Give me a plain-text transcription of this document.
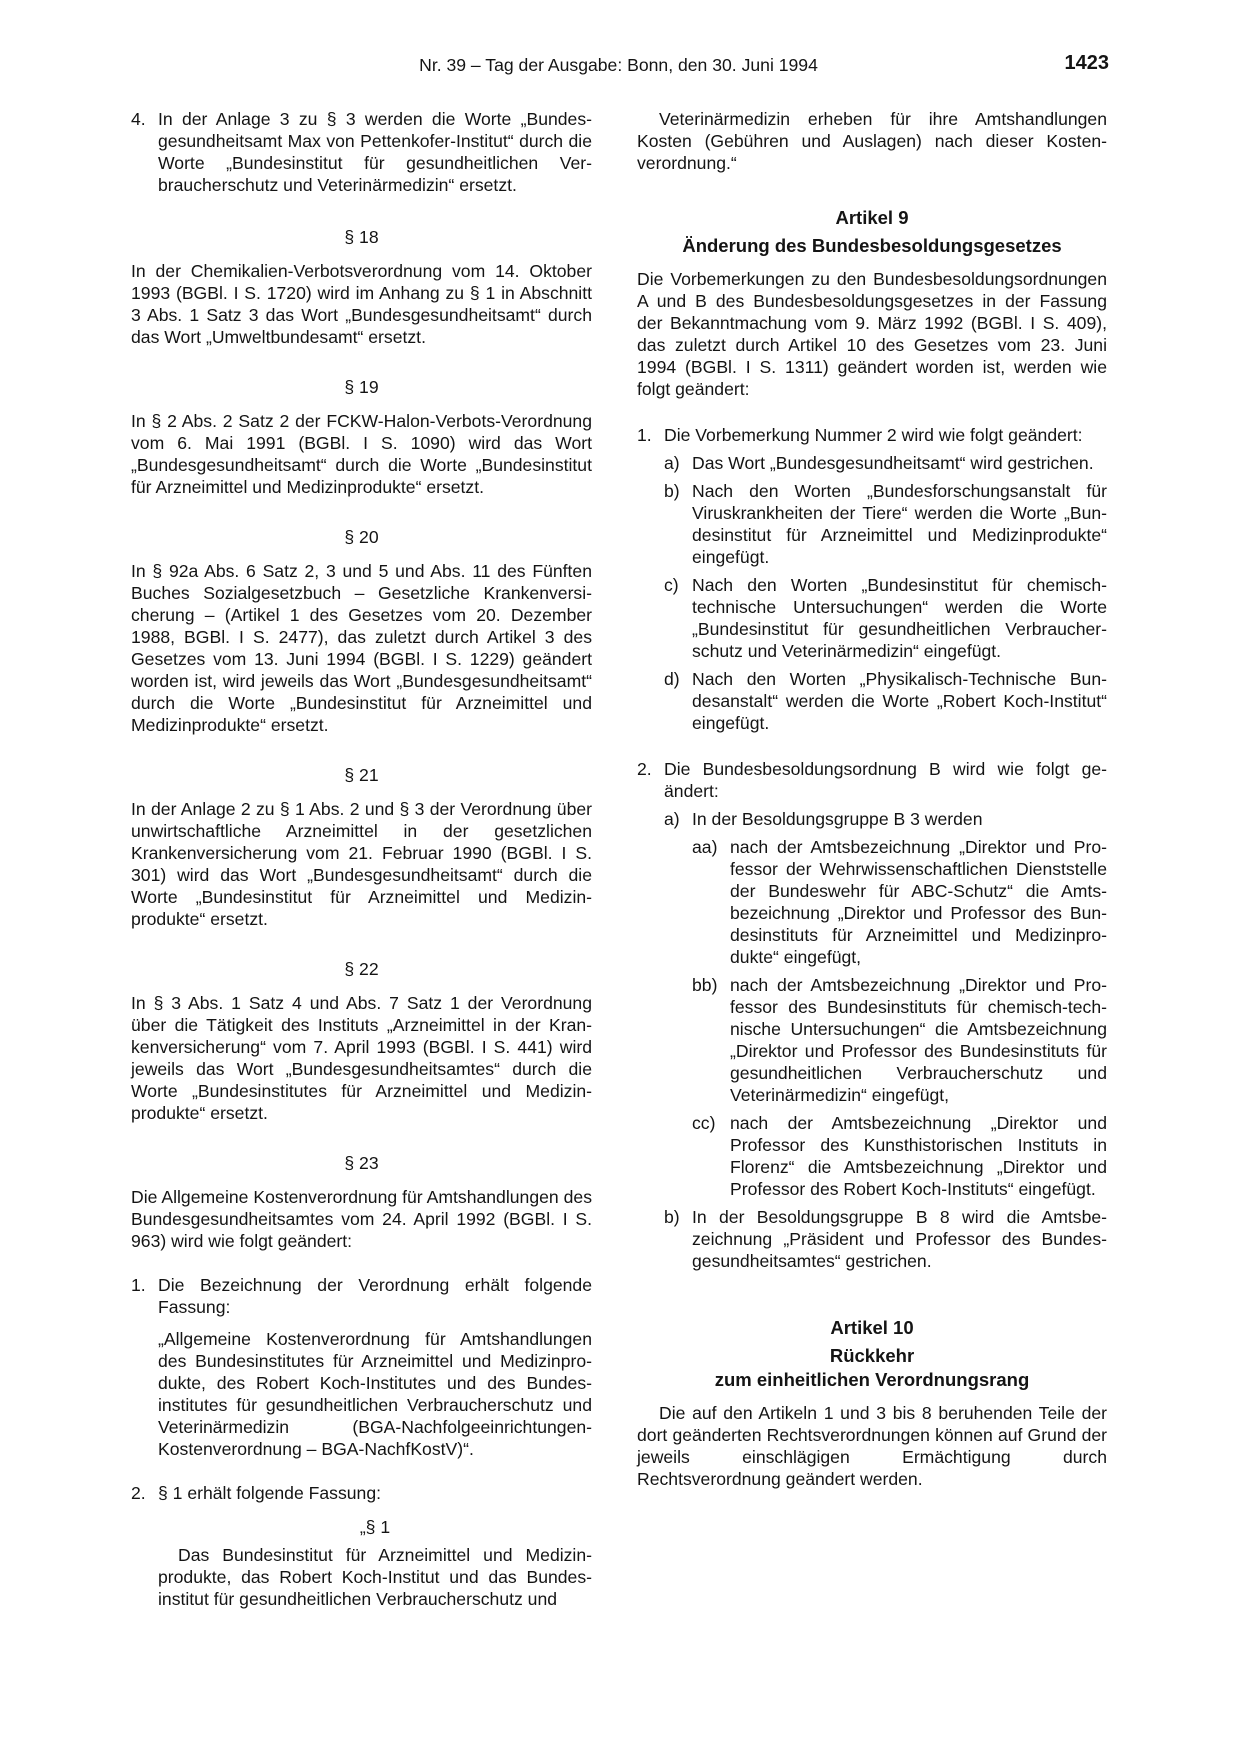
Nr. 39 – Tag der Ausgabe: Bonn, den 30. Juni 1994	1423
4. In der Anlage 3 zu § 3 werden die Worte „Bundesgesundheitsamt Max von Pettenkofer-Institut“ durch die Worte „Bundesinstitut für gesundheitlichen Verbraucherschutz und Veterinärmedizin“ ersetzt.

§ 18

In der Chemikalien-Verbotsverordnung vom 14. Oktober 1993 (BGBl. I S. 1720) wird im Anhang zu § 1 in Abschnitt 3 Abs. 1 Satz 3 das Wort „Bundesgesundheitsamt“ durch das Wort „Umweltbundesamt“ ersetzt.

§ 19

In § 2 Abs. 2 Satz 2 der FCKW-Halon-Verbots-Verordnung vom 6. Mai 1991 (BGBl. I S. 1090) wird das Wort „Bundesgesundheitsamt“ durch die Worte „Bundesinstitut für Arzneimittel und Medizinprodukte“ ersetzt.

§ 20

In § 92a Abs. 6 Satz 2, 3 und 5 und Abs. 11 des Fünften Buches Sozialgesetzbuch – Gesetzliche Krankenversicherung – (Artikel 1 des Gesetzes vom 20. Dezember 1988, BGBl. I S. 2477), das zuletzt durch Artikel 3 des Gesetzes vom 13. Juni 1994 (BGBl. I S. 1229) geändert worden ist, wird jeweils das Wort „Bundesgesundheitsamt“ durch die Worte „Bundesinstitut für Arzneimittel und Medizinprodukte“ ersetzt.

§ 21

In der Anlage 2 zu § 1 Abs. 2 und § 3 der Verordnung über unwirtschaftliche Arzneimittel in der gesetzlichen Krankenversicherung vom 21. Februar 1990 (BGBl. I S. 301) wird das Wort „Bundesgesundheitsamt“ durch die Worte „Bundesinstitut für Arzneimittel und Medizinprodukte“ ersetzt.

§ 22

In § 3 Abs. 1 Satz 4 und Abs. 7 Satz 1 der Verordnung über die Tätigkeit des Instituts „Arzneimittel in der Krankenversicherung“ vom 7. April 1993 (BGBl. I S. 441) wird jeweils das Wort „Bundesgesundheitsamtes“ durch die Worte „Bundesinstitutes für Arzneimittel und Medizinprodukte“ ersetzt.

§ 23

Die Allgemeine Kostenverordnung für Amtshandlungen des Bundesgesundheitsamtes vom 24. April 1992 (BGBl. I S. 963) wird wie folgt geändert:

1. Die Bezeichnung der Verordnung erhält folgende Fassung:

„Allgemeine Kostenverordnung für Amtshandlungen des Bundesinstitutes für Arzneimittel und Medizinprodukte, des Robert Koch-Institutes und des Bundesinstitutes für gesundheitlichen Verbraucherschutz und Veterinärmedizin (BGA-Nachfolgeeinrichtungen-Kostenverordnung – BGA-NachfKostV)“.

2. § 1 erhält folgende Fassung:

„§ 1

Das Bundesinstitut für Arzneimittel und Medizinprodukte, das Robert Koch-Institut und das Bundesinstitut für gesundheitlichen Verbraucherschutz und

Veterinärmedizin erheben für ihre Amtshandlungen Kosten (Gebühren und Auslagen) nach dieser Kostenverordnung.“

Artikel 9
Änderung des Bundesbesoldungsgesetzes

Die Vorbemerkungen zu den Bundesbesoldungsordnungen A und B des Bundesbesoldungsgesetzes in der Fassung der Bekanntmachung vom 9. März 1992 (BGBl. I S. 409), das zuletzt durch Artikel 10 des Gesetzes vom 23. Juni 1994 (BGBl. I S. 1311) geändert worden ist, werden wie folgt geändert:

1. Die Vorbemerkung Nummer 2 wird wie folgt geändert:

a) Das Wort „Bundesgesundheitsamt“ wird gestrichen.

b) Nach den Worten „Bundesforschungsanstalt für Viruskrankheiten der Tiere“ werden die Worte „Bundesinstitut für Arzneimittel und Medizinprodukte“ eingefügt.

c) Nach den Worten „Bundesinstitut für chemischtechnische Untersuchungen“ werden die Worte „Bundesinstitut für gesundheitlichen Verbraucherschutz und Veterinärmedizin“ eingefügt.

d) Nach den Worten „Physikalisch-Technische Bundesanstalt“ werden die Worte „Robert Koch-Institut“ eingefügt.

2. Die Bundesbesoldungsordnung B wird wie folgt geändert:

a) In der Besoldungsgruppe B 3 werden

aa) nach der Amtsbezeichnung „Direktor und Professor der Wehrwissenschaftlichen Dienststelle der Bundeswehr für ABC-Schutz“ die Amtsbezeichnung „Direktor und Professor des Bundesinstituts für Arzneimittel und Medizinprodukte“ eingefügt,

bb) nach der Amtsbezeichnung „Direktor und Professor des Bundesinstituts für chemisch-technische Untersuchungen“ die Amtsbezeichnung „Direktor und Professor des Bundesinstituts für gesundheitlichen Verbraucherschutz und Veterinärmedizin“ eingefügt,

cc) nach der Amtsbezeichnung „Direktor und Professor des Kunsthistorischen Instituts in Florenz“ die Amtsbezeichnung „Direktor und Professor des Robert Koch-Instituts“ eingefügt.

b) In der Besoldungsgruppe B 8 wird die Amtsbezeichnung „Präsident und Professor des Bundesgesundheitsamtes“ gestrichen.

Artikel 10
Rückkehr
zum einheitlichen Verordnungsrang

Die auf den Artikeln 1 und 3 bis 8 beruhenden Teile der dort geänderten Rechtsverordnungen können auf Grund der jeweils einschlägigen Ermächtigung durch Rechtsverordnung geändert werden.
